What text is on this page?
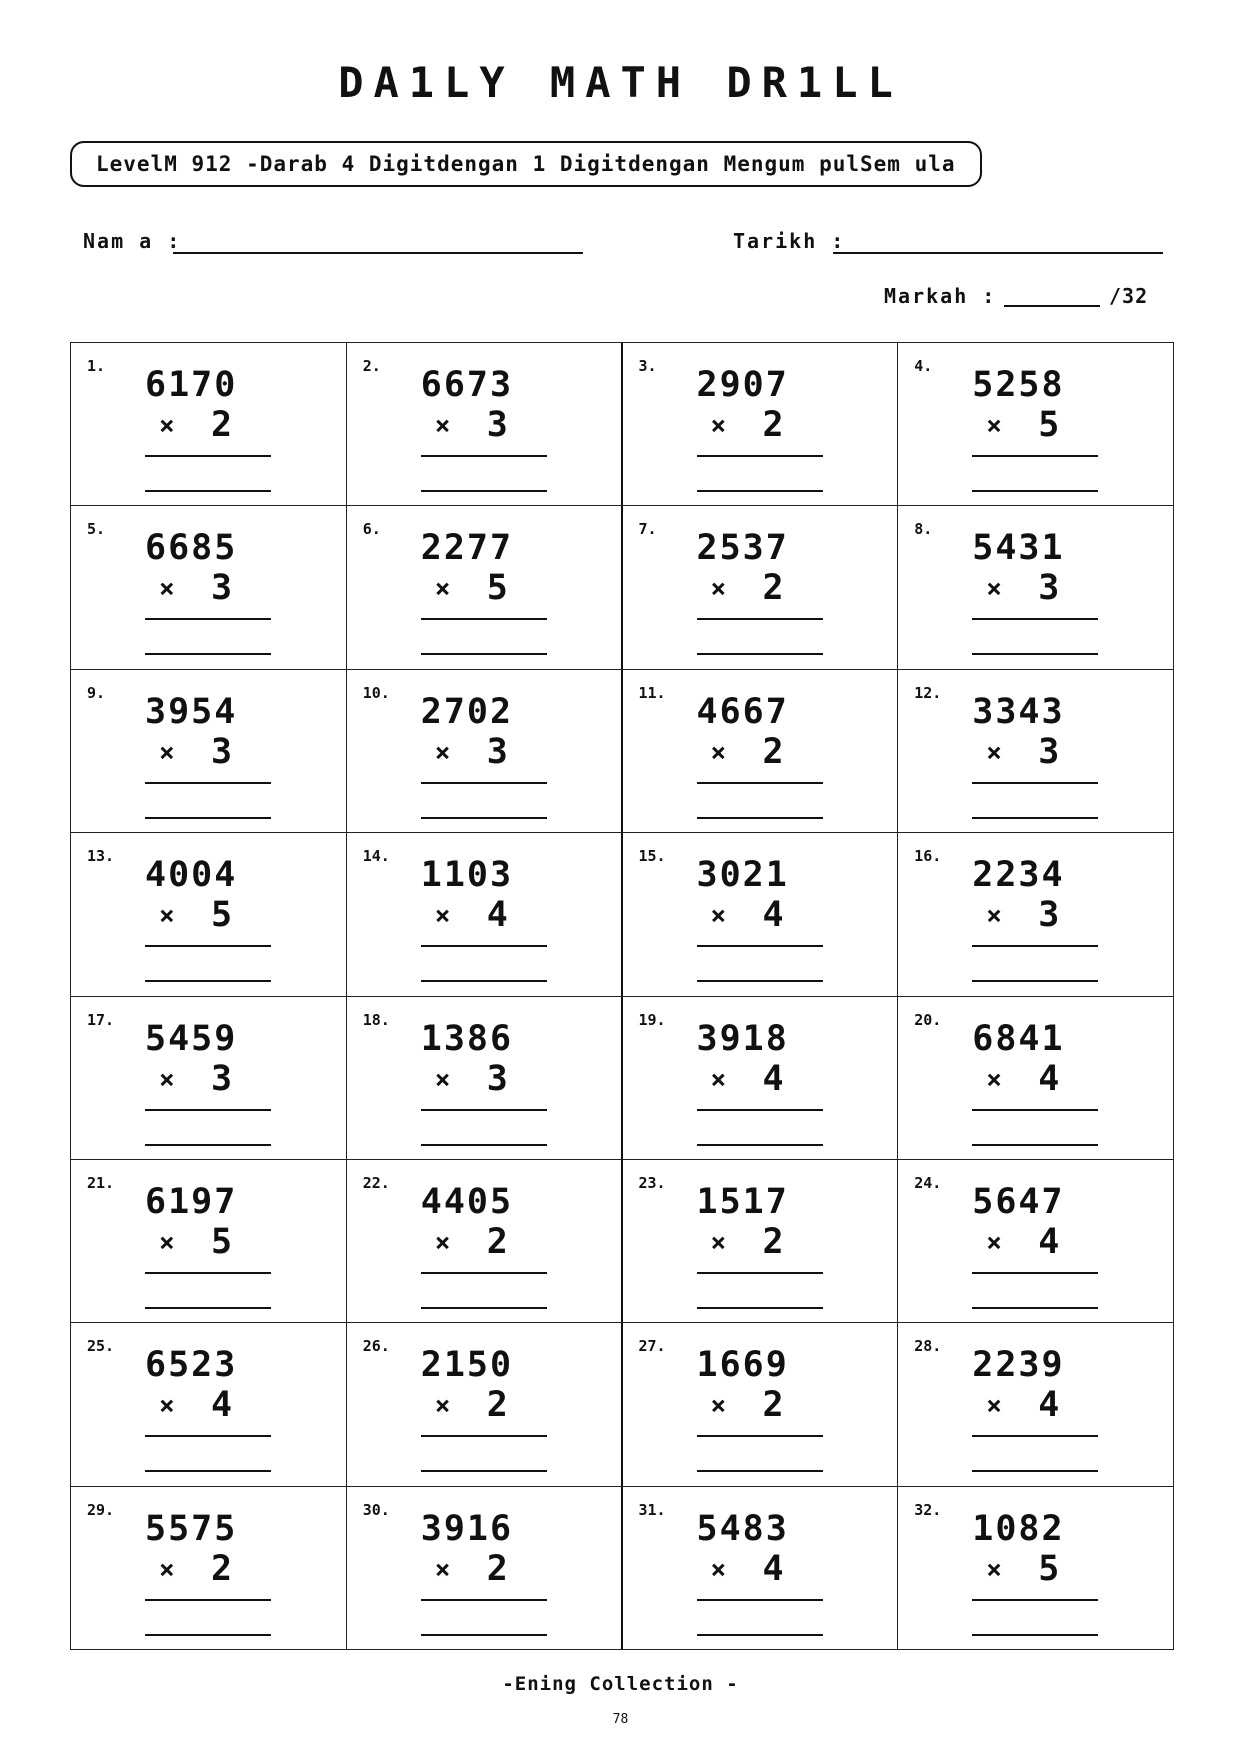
DA1LY MATH DR1LL
LevelM 912 -Darab 4 Digitdengan 1 Digitdengan Mengum pulSem ula
Nam a :	Tarikh :
Markah :	/32
1. 6170
× 2
2. 6673
× 3
3. 2907
× 2
4. 5258
× 5
5. 6685
× 3
6. 2277
× 5
7. 2537
× 2
8. 5431
× 3
9. 3954
× 3
10. 2702
× 3
11. 4667
× 2
12. 3343
× 3
13. 4004
× 5
14. 1103
× 4
15. 3021
× 4
16. 2234
× 3
17. 5459
× 3
18. 1386
× 3
19. 3918
× 4
20. 6841
× 4
21. 6197
× 5
22. 4405
× 2
23. 1517
× 2
24. 5647
× 4
25. 6523
× 4
26. 2150
× 2
27. 1669
× 2
28. 2239
× 4
29. 5575
× 2
30. 3916
× 2
31. 5483
× 4
32. 1082
× 5
-Ening Collection -
78
